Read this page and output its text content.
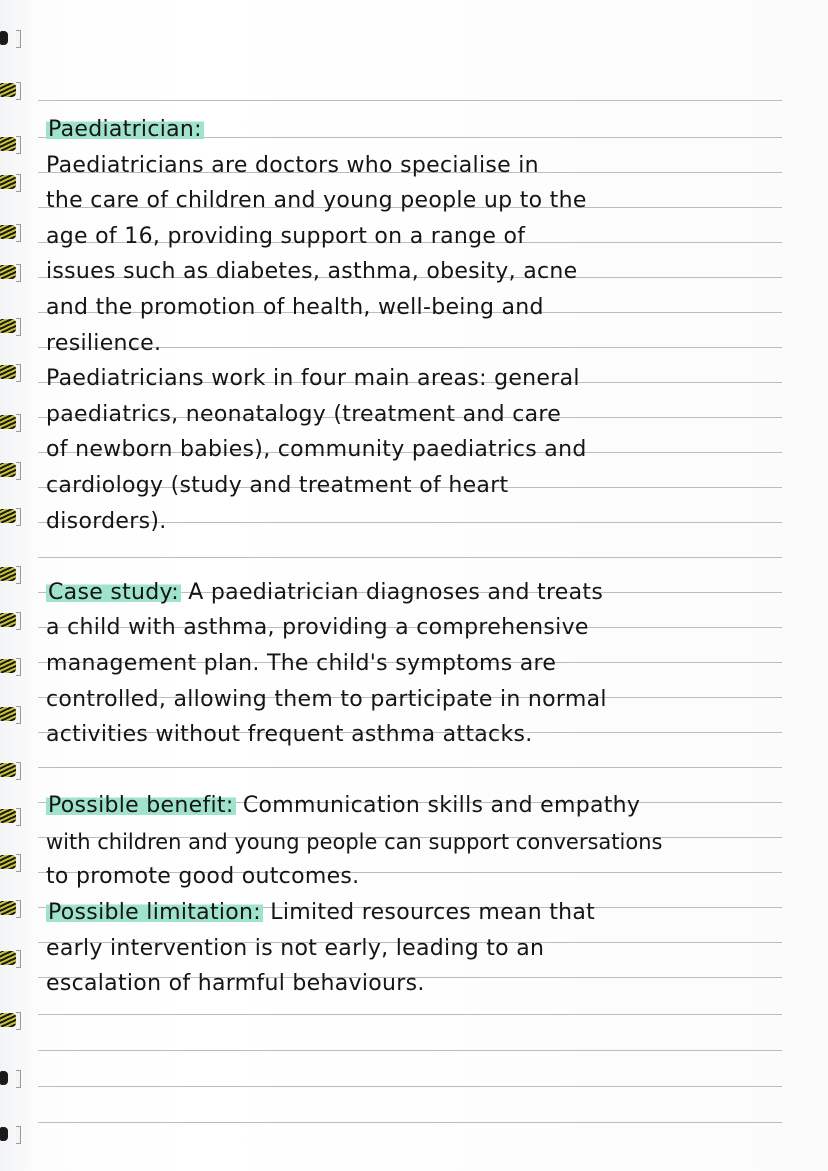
Paediatrician:
Paediatricians are doctors who specialise in
the care of children and young people up to the
age of 16, providing support on a range of
issues such as diabetes, asthma, obesity, acne
and the promotion of health, well-being and
resilience.
Paediatricians work in four main areas: general
paediatrics, neonatalogy (treatment and care
of newborn babies), community paediatrics and
cardiology (study and treatment of heart
disorders).
Case study: A paediatrician diagnoses and treats
a child with asthma, providing a comprehensive
management plan. The child's symptoms are
controlled, allowing them to participate in normal
activities without frequent asthma attacks.
Possible benefit: Communication skills and empathy
with children and young people can support conversations
to promote good outcomes.
Possible limitation: Limited resources mean that
early intervention is not early, leading to an
escalation of harmful behaviours.
